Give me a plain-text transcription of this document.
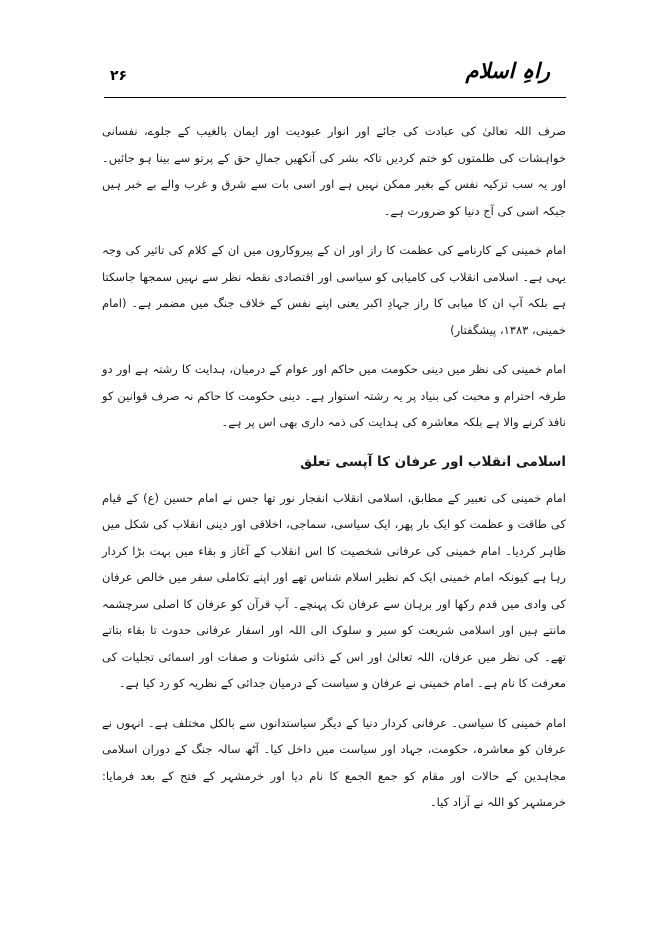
راہِ اسلام
۲۶

صرف اللہ تعالیٰ کی عبادت کی جائے اور انوار عبودیت اور ایمان بالغیب کے جلوے، نفسانی خواہشات کی ظلمتوں کو ختم کردیں تاکہ بشر کی آنکھیں جمالِ حق کے پرتو سے بینا ہو جائیں۔ اور یہ سب تزکیہ نفس کے بغیر ممکن نہیں ہے اور اسی بات سے شرق و غرب والے بے خبر ہیں جبکہ اسی کی آج دنیا کو ضرورت ہے۔

امام خمینی کے کارنامے کی عظمت کا راز اور ان کے پیروکاروں میں ان کے کلام کی تاثیر کی وجہ یہی ہے۔ اسلامی انقلاب کی کامیابی کو سیاسی اور اقتصادی نقطہ نظر سے نہیں سمجھا جاسکتا ہے بلکہ آپ ان کا میابی کا راز جہادِ اکبر یعنی اپنے نفس کے خلاف جنگ میں مضمر ہے۔ (امام خمینی، ۱۳۸۳، پیشگفتار)

امام خمینی کی نظر میں دینی حکومت میں حاکم اور عوام کے درمیان، ہدایت کا رشتہ ہے اور دو طرفہ احترام و محبت کی بنیاد پر یہ رشتہ استوار ہے۔ دینی حکومت کا حاکم نہ صرف قوانین کو نافذ کرنے والا ہے بلکہ معاشرہ کی ہدایت کی ذمہ داری بھی اس پر ہے۔

اسلامی انقلاب اور عرفان کا آپسی تعلق

امام خمینی کی تعبیر کے مطابق، اسلامی انقلاب انفجار نور تھا جس نے امام حسین (ع) کے قیام کی طاقت و عظمت کو ایک بار پھر، ایک سیاسی، سماجی، اخلاقی اور دینی انقلاب کی شکل میں ظاہر کردیا۔ امام خمینی کی عرفانی شخصیت کا اس انقلاب کے آغاز و بقاء میں بہت بڑا کردار رہا ہے کیونکہ امام خمینی ایک کم نظیر اسلام شناس تھے اور اپنے تکاملی سفر میں خالص عرفان کی وادی میں قدم رکھا اور برہان سے عرفان تک پہنچے۔ آپ قرآن کو عرفان کا اصلی سرچشمہ مانتے ہیں اور اسلامی شریعت کو سیر و سلوک الی اللہ اور اسفار عرفانی حدوث تا بقاء بتاتے تھے۔ کی نظر میں عرفان، اللہ تعالیٰ اور اس کے ذاتی شئونات و صفات اور اسمائی تجلیات کی معرفت کا نام ہے۔ امام خمینی نے عرفان و سیاست کے درمیان جدائی کے نظریہ کو رد کیا ہے۔

امام خمینی کا سیاسی۔ عرفانی کردار دنیا کے دیگر سیاستدانوں سے بالکل مختلف ہے۔ انہوں نے عرفان کو معاشرہ، حکومت، جہاد اور سیاست میں داخل کیا۔ آٹھ سالہ جنگ کے دوران اسلامی مجاہدین کے حالات اور مقام کو جمع الجمع کا نام دیا اور خرمشہر کے فتح کے بعد فرمایا: خرمشہر کو اللہ نے آزاد کیا۔
